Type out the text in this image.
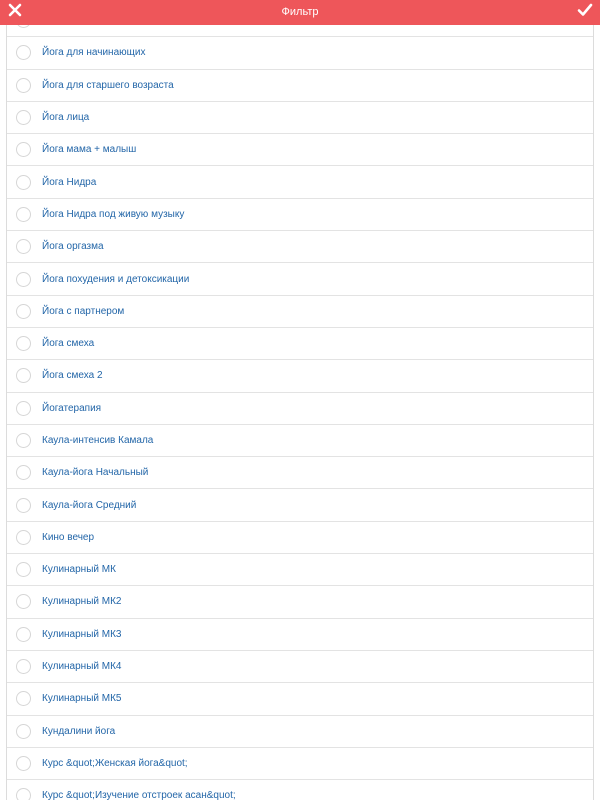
Фильтр
Йога для начинающих
Йога для старшего возраста
Йога лица
Йога мама + малыш
Йога Нидра
Йога Нидра под живую музыку
Йога оргазма
Йога похудения и детоксикации
Йога с партнером
Йога смеха
Йога смеха 2
Йогатерапия
Каула-интенсив Камала
Каула-йога Начальный
Каула-йога Средний
Кино вечер
Кулинарный МК
Кулинарный МК2
Кулинарный МК3
Кулинарный МК4
Кулинарный МК5
Кундалини йога
Курс &quot;Женская йога&quot;
Курс &quot;Изучение отстроек асан&quot;
